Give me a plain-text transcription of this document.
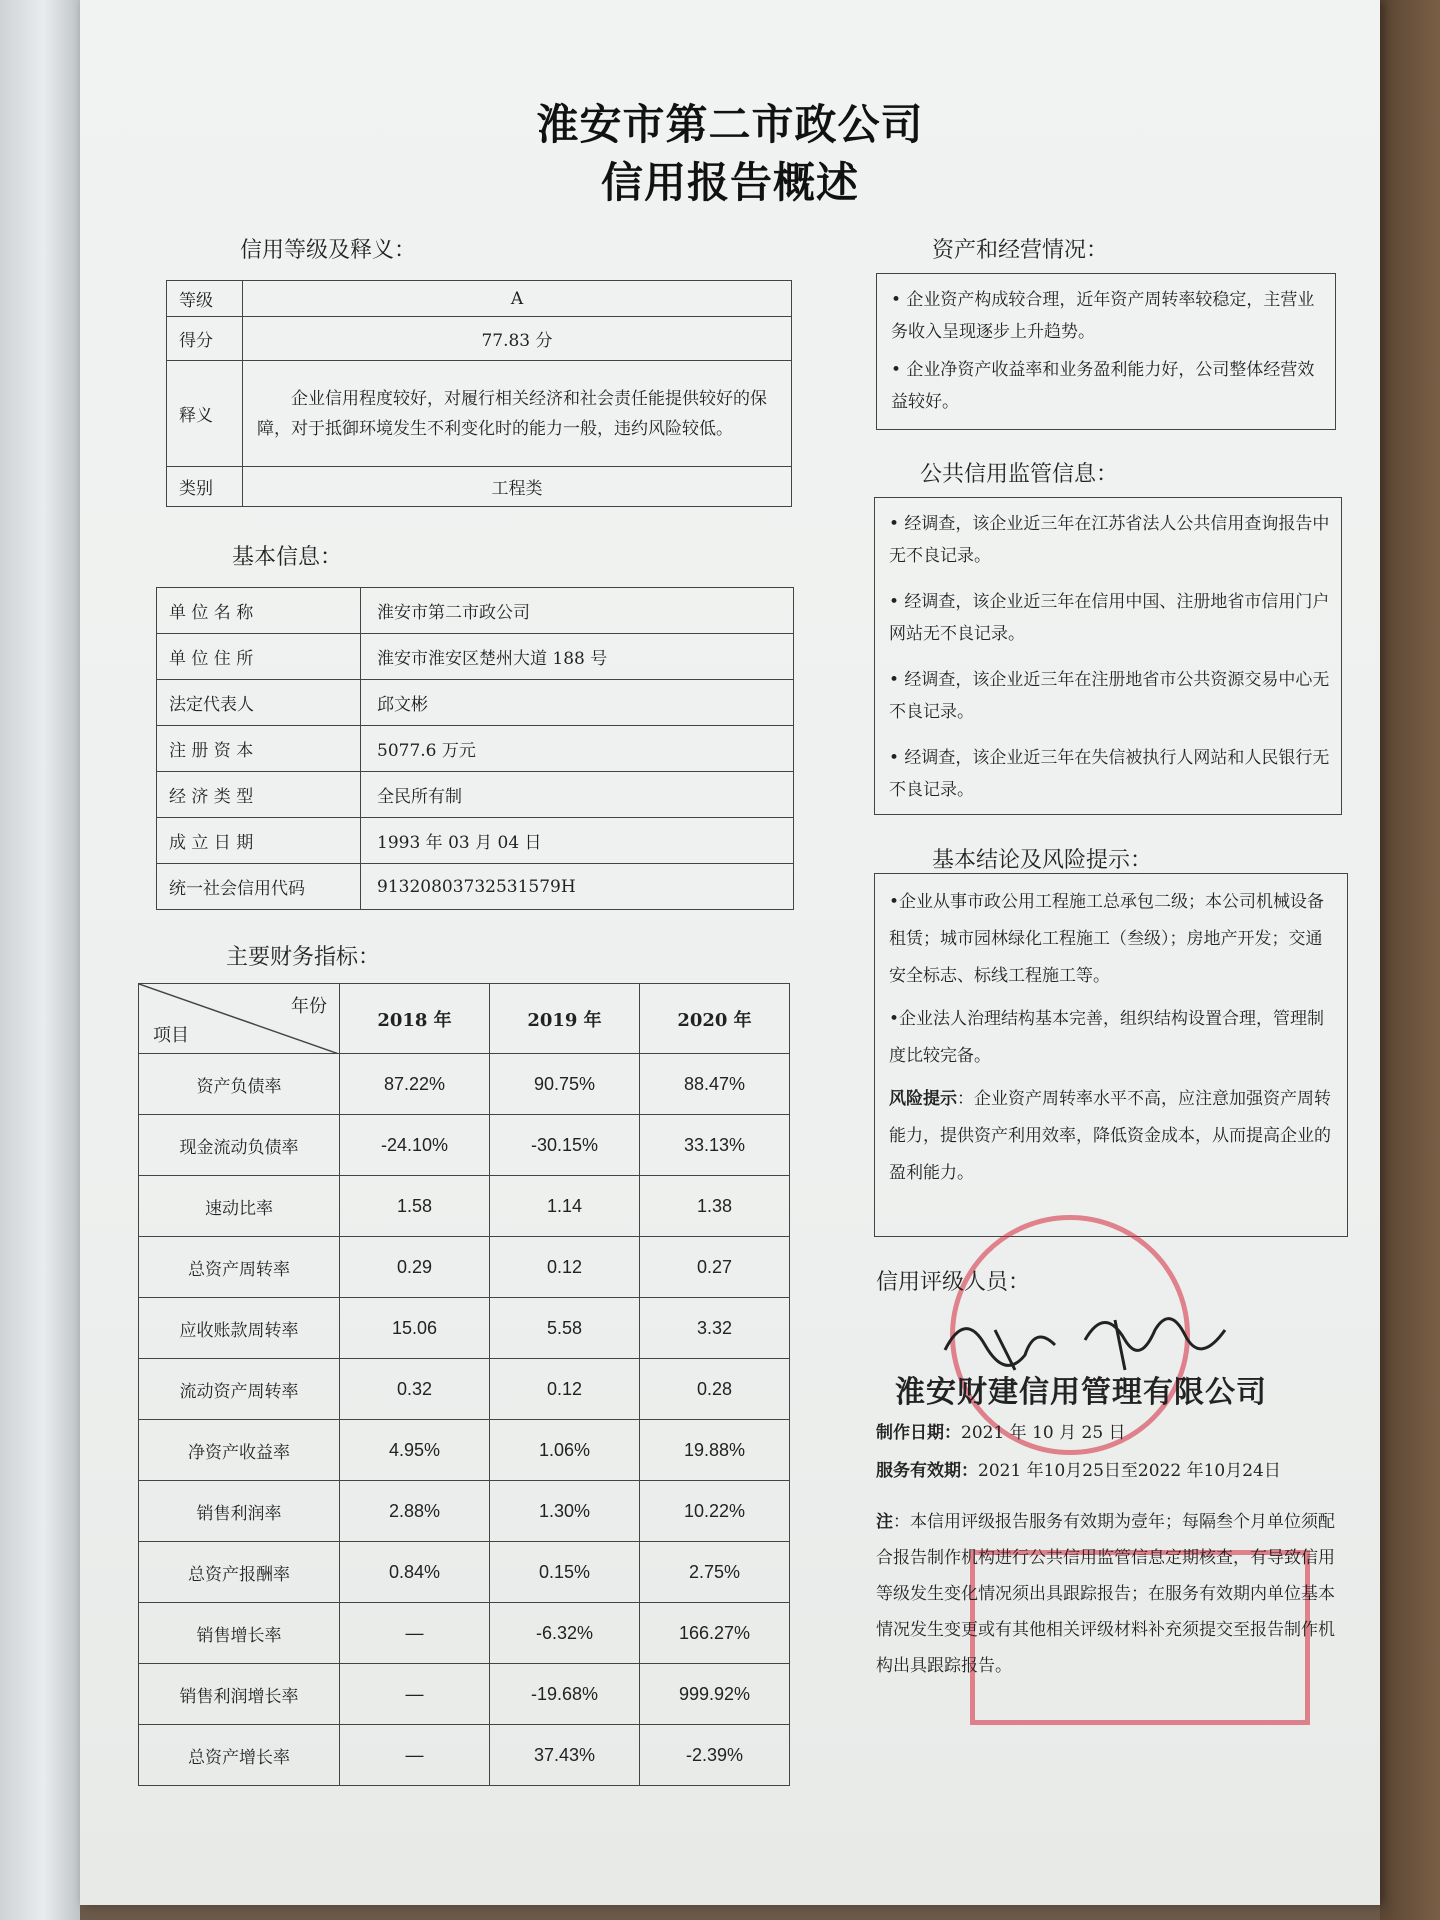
淮安市第二市政公司
信用报告概述
信用等级及释义：
等级	A
得分	77.83 分
释义	企业信用程度较好，对履行相关经济和社会责任能提供较好的保障，对于抵御环境发生不利变化时的能力一般，违约风险较低。
类别	工程类
基本信息：
单 位 名 称	淮安市第二市政公司
单 位 住 所	淮安市淮安区楚州大道 188 号
法定代表人	邱文彬
注 册 资 本	5077.6 万元
经 济 类 型	全民所有制
成 立 日 期	1993 年 03 月 04 日
统一社会信用代码	91320803732531579H
主要财务指标：
年份
项目	2018 年	2019 年	2020 年
资产负债率	87.22%	90.75%	88.47%
现金流动负债率	-24.10%	-30.15%	33.13%
速动比率	1.58	1.14	1.38
总资产周转率	0.29	0.12	0.27
应收账款周转率	15.06	5.58	3.32
流动资产周转率	0.32	0.12	0.28
净资产收益率	4.95%	1.06%	19.88%
销售利润率	2.88%	1.30%	10.22%
总资产报酬率	0.84%	0.15%	2.75%
销售增长率	—	-6.32%	166.27%
销售利润增长率	—	-19.68%	999.92%
总资产增长率	—	37.43%	-2.39%
资产和经营情况：

• 企业资产构成较合理，近年资产周转率较稳定，主营业务收入呈现逐步上升趋势。

• 企业净资产收益率和业务盈利能力好，公司整体经营效益较好。

公共信用监管信息：

• 经调查，该企业近三年在江苏省法人公共信用查询报告中无不良记录。

• 经调查，该企业近三年在信用中国、注册地省市信用门户网站无不良记录。

• 经调查，该企业近三年在注册地省市公共资源交易中心无不良记录。

• 经调查，该企业近三年在失信被执行人网站和人民银行无不良记录。

基本结论及风险提示：

•企业从事市政公用工程施工总承包二级；本公司机械设备租赁；城市园林绿化工程施工（叁级）；房地产开发；交通安全标志、标线工程施工等。

•企业法人治理结构基本完善，组织结构设置合理，管理制度比较完备。

风险提示：企业资产周转率水平不高，应注意加强资产周转能力，提供资产利用效率，降低资金成本，从而提高企业的盈利能力。

信用评级人员：
淮安财建信用管理有限公司
制作日期：2021 年 10 月 25 日
服务有效期：2021 年10月25日至2022 年10月24日
注：本信用评级报告服务有效期为壹年；每隔叁个月单位须配合报告制作机构进行公共信用监管信息定期核查，有导致信用等级发生变化情况须出具跟踪报告；在服务有效期内单位基本情况发生变更或有其他相关评级材料补充须提交至报告制作机构出具跟踪报告。
